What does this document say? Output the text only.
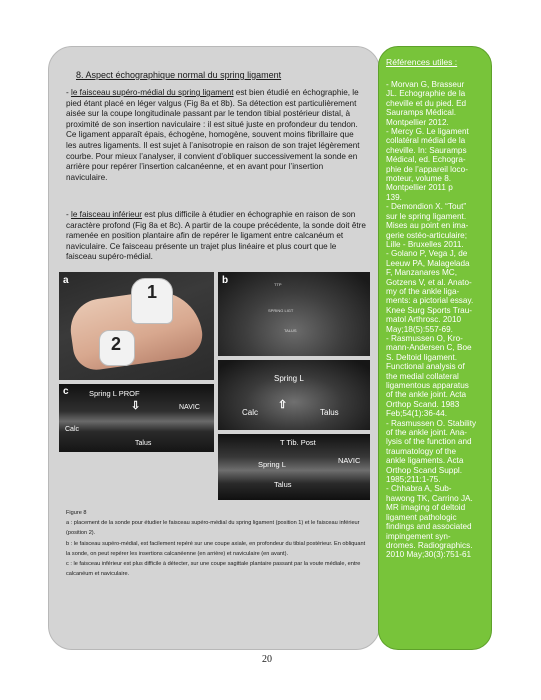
8. Aspect échographique normal du spring ligament

- le faisceau supéro-médial du spring ligament est bien étudié en échographie, le pied étant placé en léger valgus (Fig 8a et 8b). Sa détection est particulièrement aisée sur la coupe longitudinale passant par le tendon tibial postérieur distal, à proximité de son insertion naviculaire : il est situé juste en profondeur du tendon. Ce ligament apparaît épais, échogène, homogène, souvent moins fibrillaire que les autres ligaments. Il est sujet à l’anisotropie en raison de son trajet légèrement courbe. Pour mieux l’analyser, il convient d’obliquer successivement la sonde en arrière pour repérer l’insertion calcanéenne, et en avant pour l’insertion naviculaire.

- le faisceau inférieur est plus difficile à étudier en échographie en raison de son caractère profond (Fig 8a et 8c). A partir de la coupe précédente, la sonde doit être ramenée en position plantaire afin de repérer le ligament entre calcanéum et naviculaire. Ce faisceau présente un trajet plus linéaire et plus court que le faisceau supéro-médial.

1
2
a	b	TTP
SPRING LIGT
TALUS
c	Spring L PROF
⇩	NAVIC
Calc
Talus
Spring L
⇧
Calc	Talus
T Tib. Post
Spring L	NAVIC
Talus
Figure 8
a : placement de la sonde pour étudier le faisceau supéro-médial du spring ligament (position 1) et le faisceau inférieur (position 2).
b : le faisceau supéro-médial, est facilement repéré sur une coupe axiale, en profondeur du tibial postérieur. En obliquant la sonde, on peut repérer les insertions calcanéenne (en arrière) et naviculaire (en avant).
c : le faisceau inférieur est plus difficile à détecter, sur une coupe sagittale plantaire passant par la voute médiale, entre calcanéum et naviculaire.
Références utiles :

- Morvan G, Brasseur
JL. Echographie de la
cheville et du pied. Ed
Sauramps Médical.
Montpellier 2012.
- Mercy G. Le ligament
collatéral médial de la
cheville. In: Sauramps
Médical, ed. Echogra-
phie de l’appareil loco-
moteur, volume 8.
Montpellier 2011 p
139.
- Demondion X. “Tout”
sur le spring ligament.
Mises au point en ima-
gerie ostéo-articulaire;
Lille - Bruxelles 2011.
- Golano P, Vega J, de
Leeuw PA, Malagelada
F, Manzanares MC,
Gotzens V, et al. Anato-
my of the ankle liga-
ments: a pictorial essay.
Knee Surg Sports Trau-
matol Arthrosc. 2010
May;18(5):557-69.
- Rasmussen O, Kro-
mann-Andersen C, Boe
S. Deltoid ligament.
Functional analysis of
the medial collateral
ligamentous apparatus
of the ankle joint. Acta
Orthop Scand. 1983
Feb;54(1):36-44.
- Rasmussen O. Stability
of the ankle joint. Ana-
lysis of the function and
traumatology of the
ankle ligaments. Acta
Orthop Scand Suppl.
1985;211:1-75.
- Chhabra A, Sub-
hawong TK, Carrino JA.
MR imaging of deltoid
ligament pathologic
findings and associated
impingement syn-
dromes. Radiographics.
2010 May;30(3):751-61

20
